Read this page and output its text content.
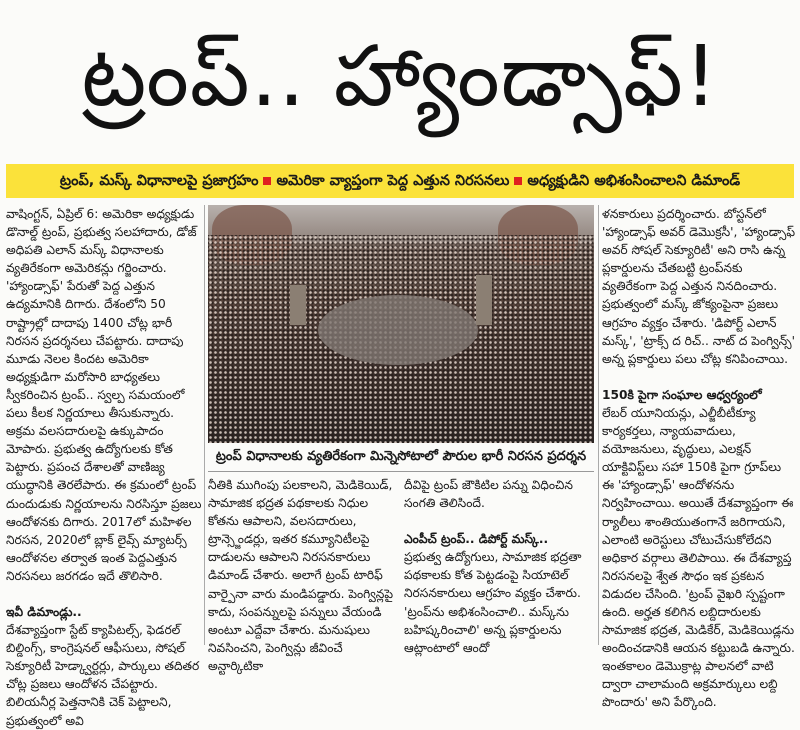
ట్రంప్.. హ్యాండ్సాఫ్!
ట్రంప్, మస్క్ విధానాలపై ప్రజాగ్రహం అమెరికా వ్యాప్తంగా పెద్ద ఎత్తున నిరసనలు అధ్యక్షుడిని అభిశంసించాలని డిమాండ్

వాషింగ్టన్, ఏప్రిల్ 6: అమెరికా అధ్యక్షుడు డొనాల్డ్ ట్రంప్, ప్రభుత్వ సలహాదారు, డోజ్ అధిపతి ఎలాన్ మస్క్ విధానాలకు వ్యతిరేకంగా అమెరికన్లు గర్జించారు. 'హ్యాండ్సాఫ్' పేరుతో పెద్ద ఎత్తున ఉద్యమానికి దిగారు. దేశంలోని 50 రాష్ట్రాల్లో దాదాపు 1400 చోట్ల భారీ నిరసన ప్రదర్శనలు చేపట్టారు. దాదాపు మూడు నెలల కిందట అమెరికా అధ్యక్షుడిగా మరోసారి బాధ్యతలు స్వీకరించిన ట్రంప్.. స్వల్ప సమయంలో పలు కీలక నిర్ణయాలు తీసుకున్నారు. అక్రమ వలసదారులపై ఉక్కుపాదం మోపారు. ప్రభుత్వ ఉద్యోగులకు కోత పెట్టారు. ప్రపంచ దేశాలతో వాణిజ్య యుద్ధానికి తెరలేపారు. ఈ క్రమంలో ట్రంప్ దుందుడుకు నిర్ణయాలను నిరసిస్తూ ప్రజలు ఆందోళనకు దిగారు. 2017లో మహిళల నిరసన, 2020లో బ్లాక్ లైవ్స్ మ్యాటర్స్ ఆందోళనల తర్వాత ఇంత పెద్దఎత్తున నిరసనలు జరగడం ఇదే తొలిసారి.

ఇవీ డిమాండ్లు..
దేశవ్యాప్తంగా స్టేట్ క్యాపిటల్స్, ఫెడరల్ బిల్డింగ్స్, కాంగ్రెషనల్ ఆఫీసులు, సోషల్ సెక్యూరిటీ హెడ్క్వార్టర్లు, పార్కులు తదితర చోట్ల ప్రజలు ఆందోళన చేపట్టారు. బిలియనీర్ల పెత్తనానికి చెక్ పెట్టాలని, ప్రభుత్వంలో అవి

ట్రంప్ విధానాలకు వ్యతిరేకంగా మిన్నెసోటాలో పౌరుల భారీ నిరసన ప్రదర్శన

నీతికి ముగింపు పలకాలని, మెడికెయిడ్, సామాజిక భద్రత పథకాలకు నిధుల కోతను ఆపాలని, వలసదారులు, ట్రాన్స్జెండర్లు, ఇతర కమ్యూనిటీలపై దాడులను ఆపాలని నిరసనకారులు డిమాండ్ చేశారు. అలాగే ట్రంప్ టారిఫ్ వార్పైనా వారు మండిపడ్డారు. పెంగ్విన్లపై కాదు, సంపన్నులపై పన్నులు వేయండి అంటూ ఎద్దేవా చేశారు. మనుషులు నివసించని, పెంగ్విన్లు జీవించే అన్టార్కిటికా

దీవిపై ట్రంప్ జౌకిటిల పన్ను విధించిన సంగతి తెలిసిందే.

ఎంపీచ్ ట్రంప్.. డిపోర్ట్ మస్క్..
ప్రభుత్వ ఉద్యోగులు, సామాజిక భద్రతా పథకాలకు కోత పెట్టడంపై సియాటెల్ నిరసనకారులు ఆగ్రహం వ్యక్తం చేశారు. 'ట్రంప్‌ను అభిశంసించాలి.. మస్క్‌ను బహిష్కరించాలి' అన్న ప్లకార్డులను ఆట్లాంటాలో ఆందో

ళనకారులు ప్రదర్శించారు. బోస్టన్‌లో 'హ్యాండ్సాఫ్ అవర్ డెమొక్రసీ', 'హ్యాండ్సాఫ్ అవర్ సోషల్ సెక్యూరిటీ' అని రాసి ఉన్న ప్లకార్డులను చేతబట్టి ట్రంప్‌నకు వ్యతిరేకంగా పెద్ద ఎత్తున నినదించారు. ప్రభుత్వంలో మస్క్ జోక్యంపైనా ప్రజలు ఆగ్రహం వ్యక్తం చేశారు. 'డిపోర్ట్ ఎలాన్ మస్క్', 'ట్రాక్స్ ద రిచ్.. నాట్ ద పెంగ్విన్స్' అన్న ప్లకార్డులు పలు చోట్ల కనిపించాయి.

150కి పైగా సంఘాల ఆధ్వర్యంలో
లేబర్ యూనియన్లు, ఎల్జీబీటీక్యూ కార్యకర్తలు, న్యాయవాదులు, వయోజనులు, వృద్ధులు, ఎలక్షన్ యాక్టివిస్ట్‌లు సహా 150కి పైగా గ్రూప్‌లు ఈ 'హ్యాండ్సాఫ్' ఆందోళనను నిర్వహించాయి. అయితే దేశవ్యాప్తంగా ఈ ర్యాలీలు శాంతియుతంగానే జరిగాయని, ఎలాంటి అరెస్టులు చోటుచేసుకోలేదని అధికార వర్గాలు తెలిపాయి. ఈ దేశవ్యాప్త నిరసనలపై శ్వేత సౌధం ఇక ప్రకటన విడుదల చేసింది. 'ట్రంప్ వైఖరి స్పష్టంగా ఉంది. అర్హత కలిగిన లబ్దిదారులకు సామాజిక భద్రత, మెడికేర్, మెడికెయిడ్లను అందించడానికి ఆయన కట్టుబడి ఉన్నారు. ఇంతకాలం డెమొక్రాట్ల పాలనలో వాటి ద్వారా చాలామంది అక్రమార్కులు లబ్ది పొందారు' అని పేర్కొంది.
